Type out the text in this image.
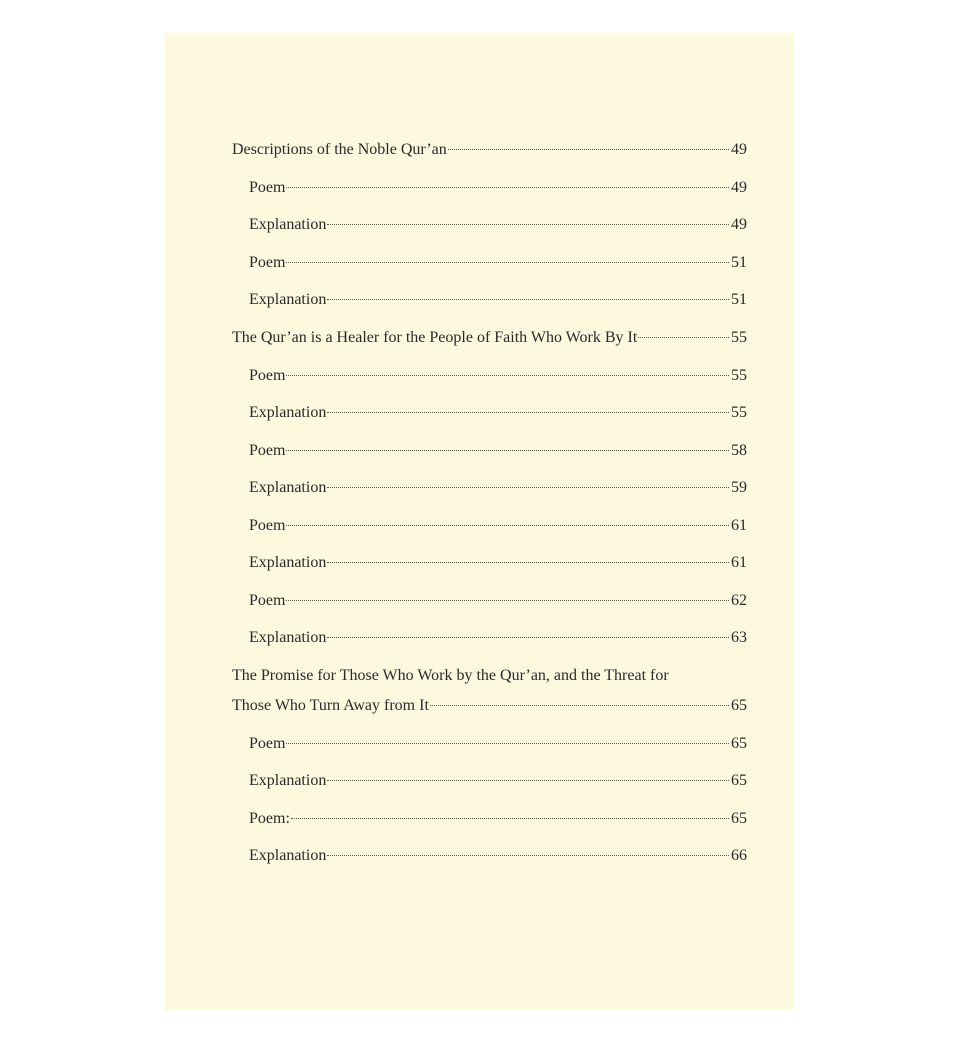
Descriptions of the Noble Qur’an	49
Poem	49
Explanation	49
Poem	51
Explanation	51
The Qur’an is a Healer for the People of Faith Who Work By It	55
Poem	55
Explanation	55
Poem	58
Explanation	59
Poem	61
Explanation	61
Poem	62
Explanation	63
The Promise for Those Who Work by the Qur’an, and the Threat for
Those Who Turn Away from It	65
Poem	65
Explanation	65
Poem:	65
Explanation	66
